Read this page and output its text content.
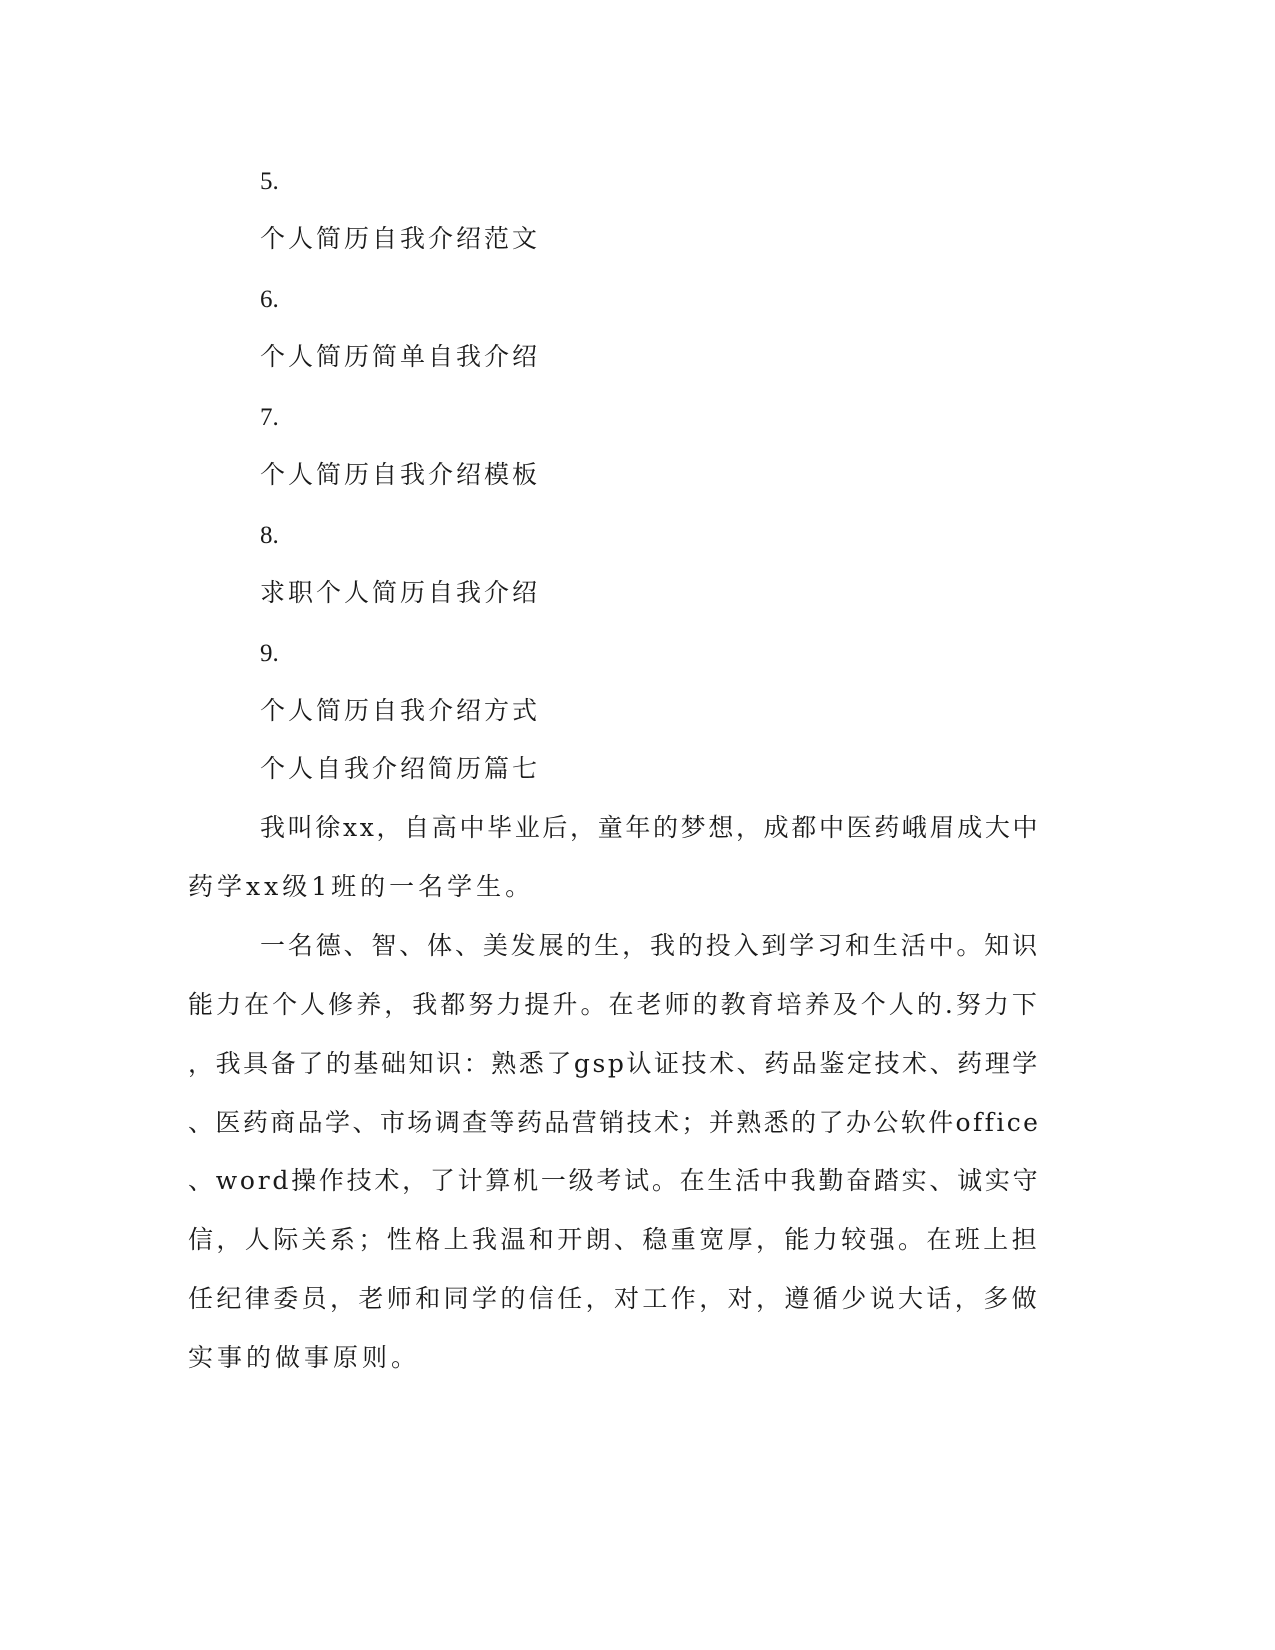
5.
个人简历自我介绍范文
6.
个人简历简单自我介绍
7.
个人简历自我介绍模板
8.
求职个人简历自我介绍
9.
个人简历自我介绍方式
个人自我介绍简历篇七
我叫徐xx，自高中毕业后，童年的梦想，成都中医药峨眉成大中
药学xx级1班的一名学生。
一名德、智、体、美发展的生，我的投入到学习和生活中。知识
能力在个人修养，我都努力提升。在老师的教育培养及个人的.努力下
，我具备了的基础知识：熟悉了gsp认证技术、药品鉴定技术、药理学
、医药商品学、市场调查等药品营销技术；并熟悉的了办公软件office
、word操作技术，了计算机一级考试。在生活中我勤奋踏实、诚实守
信，人际关系；性格上我温和开朗、稳重宽厚，能力较强。在班上担
任纪律委员，老师和同学的信任，对工作，对，遵循少说大话，多做
实事的做事原则。
